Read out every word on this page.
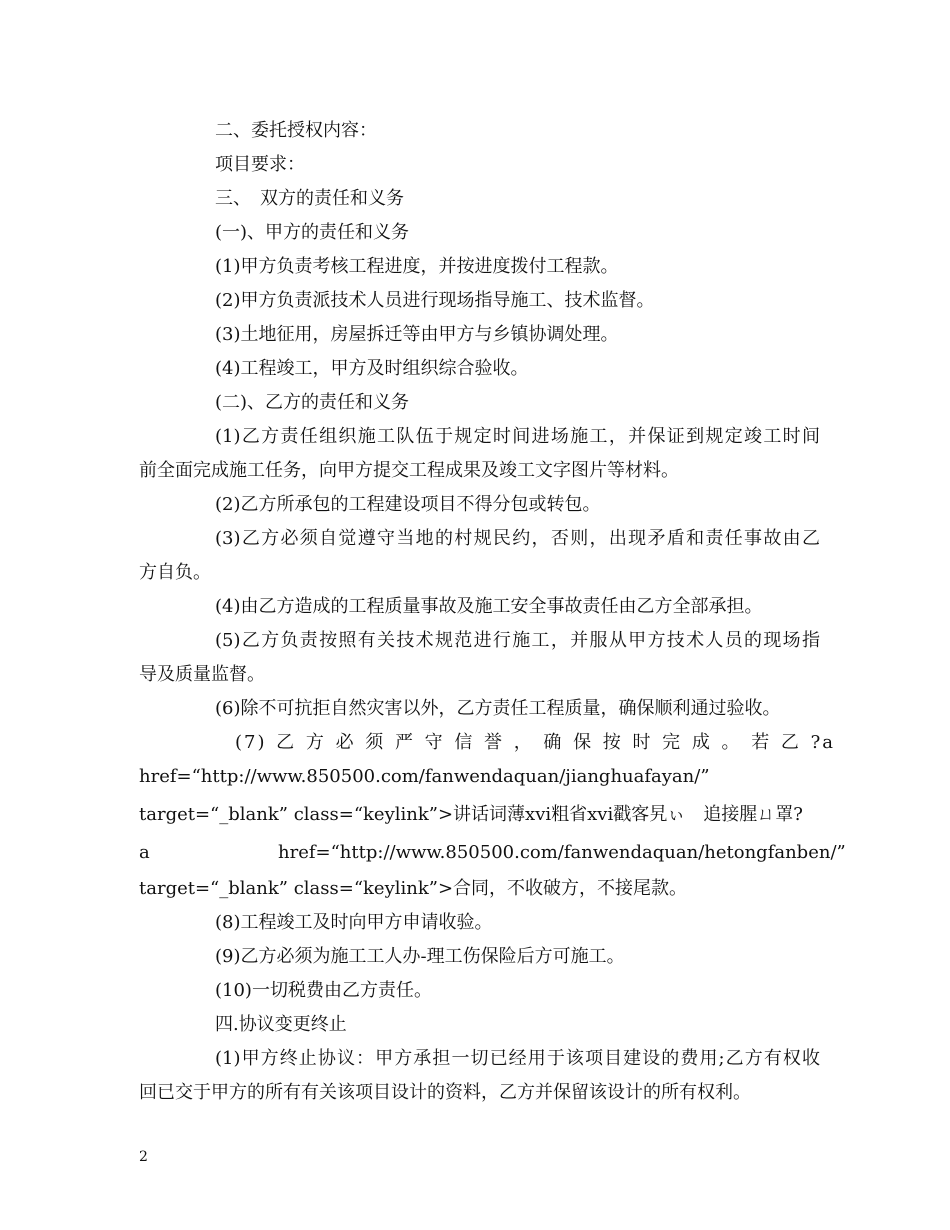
二、委托授权内容：
项目要求：
三、　双方的责任和义务
(一)、甲方的责任和义务
(1)甲方负责考核工程进度，并按进度拨付工程款。
(2)甲方负责派技术人员进行现场指导施工、技术监督。
(3)土地征用，房屋拆迁等由甲方与乡镇协调处理。
(4)工程竣工，甲方及时组织综合验收。
(二)、乙方的责任和义务
(1)乙方责任组织施工队伍于规定时间进场施工，并保证到规定竣工时间
前全面完成施工任务，向甲方提交工程成果及竣工文字图片等材料。
(2)乙方所承包的工程建设项目不得分包或转包。
(3)乙方必须自觉遵守当地的村规民约，否则，出现矛盾和责任事故由乙
方自负。
(4)由乙方造成的工程质量事故及施工安全事故责任由乙方全部承担。
(5)乙方负责按照有关技术规范进行施工，并服从甲方技术人员的现场指
导及质量监督。
(6)除不可抗拒自然灾害以外，乙方责任工程质量，确保顺利通过验收。
(7)乙方必须严守信誉，确保按时完成。若乙?a
href=“http://www.850500.com/fanwendaquan/jianghuafayan/”
target=“_blank” class=“keylink”>讲话词薄xvi粗省xvi戳客旯ぃ　追接腥ㄩ罩?
a	href=“http://www.850500.com/fanwendaquan/hetongfanben/”
target=“_blank” class=“keylink”>合同，不收破方，不接尾款。
(8)工程竣工及时向甲方申请收验。
(9)乙方必须为施工工人办-理工伤保险后方可施工。
(10)一切税费由乙方责任。
四.协议变更终止
(1)甲方终止协议：甲方承担一切已经用于该项目建设的费用;乙方有权收
回已交于甲方的所有有关该项目设计的资料，乙方并保留该设计的所有权利。
2
